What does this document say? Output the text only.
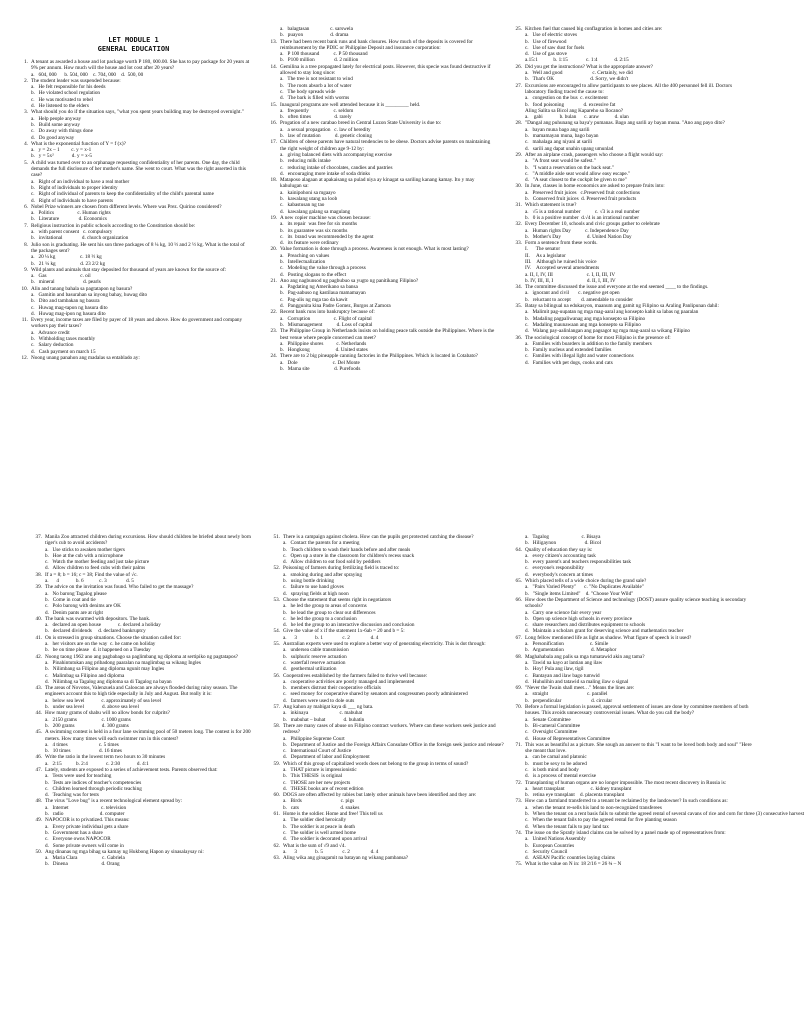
LET MODULE 1
GENERAL EDUCATION
1. A tenant as awarded a house and lot package worth P 180, 000.00. She has to pay package for 20 years at 9% per annum. How much will the house and lot cost after 20 years?
a.   604, 000      b. 504, 000    c. 704, 000    d.  500, 00
2. The student leader was suspended because:
a.   He felt responsible for his deeds
b.   He violated school regulation
c.   He was motivated to rebel
d.   He listened to the elders
3. What should you do if the situation says, "what you spent years building may be destroyed overnight."
a.   Help people anyway
b.   Build some anyway
c.   Do away with things done
d.   Do good anyway
4. What is the exponential function of Y = f (x)?
a.   y = 2x – 1         c. y = x-1
b.   y = 5x²              d. y = x-5
5. A child was turned over to an orphanage requesting confidentiality of her parents. One day, the child demands the full disclosure of her mother's name. She went to court. What was the right asserted in this case?
a.   Right of an individual to have a real mother
b.   Right of individuals to proper identity
c.   Right of individual of parents to keep the confidentiality of the child's parental name
d.   Right of individuals to have parents
6. Nobel Prize winners are chosen from different levels. Where was Prez. Quirino considered?
a.   Politics                  c. Human rights
b.   Literature               d. Economics
7. Religious instruction in public schools according to the Constitution should be:
a.   with parent consent   c. compulsory
b.   invitational               d. church organization
8. Julio son is graduating. He sent his son three packages of 8 ¼ kg, 10 ½ and 2 ½ kg. What is the total of the packages sent?
a.   20 ¼ kg                   c. 18 ½ kg
b.   21 ¼ kg                   d. 23 2/2 kg
9. Wild plants and animals that stay deposited for thousand of years are known for the source of:
a.   Gas                          c. oil
b.   mineral                      d. pearls
10. Alin and tanang bahala sa pagtatapon ng basura?
a.   Gamitin and basurahan sa inyong bahay, huwag dito
b.   Dito and tambakan ng basura
c.   Huwag mag-tapon ng basura dito
d.   Huwag mag-ipon ng basura dito
11. Every year, income taxes are filed by payer of 18 years and above. How do government and company workers pay their taxes?
a.   Advance credit
b.   Withholding taxes monthly
c.   Salary deduction
d.   Cash payment on march 15
12. Noong unang panahon ang madalas sa entablado ay:
a.   balagtasan                c. sarswela
b.   puayon                     d. drama
13. There had been recent bank runs and bank closures. How much of the deposits is covered for reimbursement by the PDIC or Philippine Deposit and insurance corporation:
a.   P 100 thousand           c. P 50 thousand
b.   P100 million               d. 2 million
14. Gemilina is a tree propagated lately for electrical posts. However, this specie was found destructive if allowed to stay long since:
a.   The tree is not resistant to wind
b.   The roots absorb a lot of water
c.   The body spreads wide
d.   The bark is filled with worms
15. Inaugural programs are well attended because it is _________ held.
a.   frequently                   c. seldom
b.   often times                  d. rarely
16. Progation of a new carabao breed in Central Luzon State University is due to:
a.   a sexual propagation   c. law of heredity
b.   law of mutation           d. genetic cloning
17. Children of obese parents have natural tendencies to be obese. Doctors advise parents on maintaining the right weight of children age 9-12 by:
a.   giving balanced diets with accompanying exercise
b.   reducing milk intake
c.   reducing intake of chocolates, candies and pastries
d.   encouraging more intake of soda drinks
18. Mataposo alagaan at apakaisang sa pulad niya ay kinagat sa sariling kanang kamay. Ito y may kahulugan sa:
a.   kainipohoni sa mgaayo
b.   kawalang utang na loob
c.   kabastusan ng tao
d.   kawalang galang sa magulang
19. A new copier machine was chosen because:
a.   its repair  was free for six months
b.   its guarantee was six months
c.   its  brand was recommended by the agent
d.   its feature were ordinary
20. Value formation is done through a process. Awareness is not enough. What is most lasting?
a.   Preaching on values
b.   Intellectualization
c.   Modeling the value through a process
d.   Posting slogans to the effect
21. Ano ang nagbunsod ng pagbubuo sa yugto ng panitikang Filipino?
a.   Pagdating ng Amerikano sa bansa
b.   Pag-aabuso ng kastilaua mamamayan
c.   Pag-alis ng mga tao da kawit
d.   Panggunita kina Padre Gomez, Burgos at Zamora
22. Recent bank runs into bankruptcy because of:
a.   Corruption                  c. Flight of capital
b.   Mismanagement           d. Loss of capital
23. The Philippine Group in Netherlands insists on holding peace talk outside the Philippines. Where is the best venue where people concerned can meet?
a.   Philippine shores          c. Netherlands
b.   Hongkong                    d. United states
24. There are to 2 big pineapple canning factories in the Philippines. Which is located in Cotabato?
a.   Dole                           c. Del Monte
b.   Mama site                   d. Purefoods
25. Kitchen fuel that caused big conflagration in homes and cities are:
a.   Use of electric stoves
b.   Use of firewood
c.   Use of saw dust for fuels
d.   Use of gas stove
a.15:1            b. 1:15              c. 1:4             d. 2:15
26. Did you get the instructions? What is the appropriate answer?
a.   Well and good                       c. Certainly, we did
b.   That's OK                            d. Sorry, we didn't
27. Excursions are encouraged to allow participants to see places. All the 400 personnel fell ill. Doctors laboratory finding traced the cause to:
a.   congestion on the bus  c. excitement
b.   food poisoning               d. excessive fat
Aling Salita sa Bicol ang Kapareho sa Ilocano?
a.    gabi             b. bulan      c. araw            d. ulan
28. "Dangal ang puhunang sa baya'y pumanas. Bago ang sarili ay bayan muna. "Ano ang payo dito?
a.   bayan muna bago ang sarili
b.   mamamayan muna, bago bayan
c.   mahalaga ang niyani at sarili
d.   sarili ang dapat unahin upang umunlad
29. After an airplane crash, passengers who choose a flight would say:
a.   "A front seat would be safest."
b.   "I want a reservation on the back seat."
c.   "A middle aisle seat would allow easy escape."
d.   "A seat closest to the cockpit be given to me"
30. In June, classes in home economics are asked to prepare fruits into:
a.   Preserved fruit juices   c.Preserved fruit confections
b.   Conserved fruit juices  d. Preserved fruit products
31. Which statement is true?
a.   √5 is a rational number           c. √3 is a real number
b.   0 is a positive number  d.√4 is an irrational number
32. Every December 10, schools and civic groups gather to celebrate
a.   Human rights Day           c. Independence Day
b.   Mother's Day                    d. United Nation Day
33. Form a sentence from these words.
I.      The senator
II.     As a legislator
III.    Although he ruined his voice
IV.    Accepted several amendments
a. II, I, IV, III                          c. I, II, III, IV
b. IV, III, II, I                          d. II, I, III, IV
34. The committee discussed the issue and everyone at the end seemed ____ to the findings.
a.   ignorant and civil       c. negative get open
b.   reluctant to accept        d. amendable to consider
35. Batay sa bilingual na edukasyon, maanum ang gamit ng Filipino sa Araling Panlipunan dahil:
a.   Malimit pag-uupatan ng mga mag-aaral ang konsepto kahit sa labas ng paaralan
b.   Madaling pagpaliwanag ang mga konsepto sa Filipino
c.   Madaling maunawaan ang mga konsepto sa Filipino
d.   Walang pay-aalinlangan ang pagsagot ng mga mag-aaral sa wikang Filipino
36. The sociological concept of home for most Filipino is the presence of:
a.   Families with boarders in addition to the family members
b.   Family nucleus and extended families
c.   Families with illegal light and water connections
d.   Families with pet dogs, cooks and cats
37. Manila Zoo attracted children during excursions. How should children be briefed about newly born tiger's cub to avoid accidents?
a.   Use sticks to awaken mother tigers
b.   Hoe at the cub with a microphone
c.   Watch the mother feeding and just take picture
d.   Allow children to feed cubs with their palms
38. If a = 8; b = 16; c = 38; Find the value of √c.
a.      4             b. 6            c. 3               d. 5
39. The advice on the invitation was found. Who failed to get the massage?
a.   No barong Tagalog please
b.   Come in coat and tie
c.   Polo barong with denims are OK
d.   Denim pants are at right
40. The bank was swarmed with depositors. The bank.
a.   declared an open house             c. declared a holiday
b.   declared dividends     d. declared bankruptcy
41. On is stressed in group situations. Choose the situation called for:
a.   her visitors are on the way  c. he came on holiday
b.   be on time please   d. it happened on a Tuesday
42. Noong taong 1962 ano ang pagbabago sa paglimbang ng diploma at sertipiko ng pagtatapos?
a.   Pinahintutukan ang pribadong paaralan na maglimbag sa wikang Ingles
b.   Nilimbang sa Filipino ang diploma ngunit may Ingles
c.   Malimbag sa Filipino and diploma
d.   Nilimbag sa Tagalog ang diploma sa di Tagalog na bayan
43. The areas of Novotos, Valenzuela and Caloocan are always flooded during rainy season. The engineers account this to high tide especially in July and August. But really it is:
a.   below sea level             c. approximately of sea level
b.   under sea level              d. above sea level
44. How many grams of shabu will no allow bonds for culprits?
a.   2150 grams                   c. 1000 grams
b.   200 grams                     d. 300 grams
45. A swimming contest is held in a four lane swimming pool of 50 meters long. The contest is for 200 meters. How many times will each swimmer run in this contest?
a.   4 times                        c. 5 times
b.   10 times                      d. 16 times
46. Write the ratio in the lowest term two hours to 30 minutes
a.   2:15           b. 2:4              c. 2:30             d. 4:1
47. Lately, students are exposed to a series of achievement tests. Parents observed that:
a.   Tests were used for teaching
b.   Tests are indices of teacher's competencies
c.   Children learned through periodic teaching
d.   Teaching was for tests
48. The virus "Love bug" is a recent technological element spread by:
a.   Internet                         c. television
b.   radio                            d. computer
49. NAPOCOR is to privatized. This means:
a.   Every private individual gets a share
b.   Government has a share
c.   Everyone owns NAPOCOR
d.   Some private owners will come in
50. Ang dinanas ng mga bihag sa kamay ng Hukbong Hapon ay sinasalaysay ni:
a.   Maria Clara                   c. Gabriela
b.   Dinena                          d. Orang
51. There is a campaign against cholera. How can the pupils get protected catching the disease?
a.   Contact the parents for a meeting
b.   Teach children to wash their hands before and after meals
c.   Open up a store in the classroom for children's recess snack
d.   Allow children to eat food sold by peddlers
52. Poisoning of farmers during fertilizing field is traced to:
a.   smoking during and after spraying
b.   using bottle drinking
c.   failure to use hand gloves
d.   spraying fields at high noon
53. Choose the statement that seems right in negotiators
a.   he led the group to areas of concerns
b.   he lead the group to clear out differences
c.   he led the group to a conclusion
d.   he led the group to an interactive discussion and conclusion
54. Give the value of x if the statement 1x-6ab = 20 and b = 5:
a.      3              b. 1               c. 2                d. 4
55. Australian experts were used to explore a better way of generating electricity. This is dot through:
a.   undersea cable transmission
b.   sulphuric reserve actuation
c.   waterfall reserve actuation
d.   geothermal utilization
56. Cooperatives established by the farmers failed to thrive well because:
a.   cooperative activities are poorly managed and implemented
b.   members distrust their cooperative officials
c.   seed money for cooperative shared by senators and congressmen poorly administered
d.   farmers were used to dole outs
57. Ang kahon ay mabigat kaya di ___ ng bata.
a.   inkinaya                        c. mabuhat
b.   mabuhat – buhat              d. buhatin
58. There are many cases of abuse on Filipino contract workers. Where can these workers seek justice and redress?
a.   Philippine Supreme Court
b.   Department of Justice and the Foreign Affairs Consulate Office in the foreign seek justice and release?
c.   International Court of Justice
d.   Department of labor and Employment
59. Which of this group of capitalized words does not belong to the group in terms of sound?
a.   THAT picture is impressionistic
b.   This THESIS  is original
c.   THOSE are her new projects
d.   THESE books are of recent edition
60. DOGS are often affected by rabies but lately other animals have been identified and they are:
a.   Birds                              c. pigs
b.   cats                                d. snakes
61. Home is the soldier. Home and free! This tell us
a.   The soldier died heroically
b.   The soldier is at peace in death
c.   The soldier is well armed home
d.   The soldier is decorated upon arrival
62. What is the sum of √9 and √4.
a.      3              b. 5               c. 2                d. 4
63. Aling wika ang ginagamit na batayan ng wikang pambansa?
a.   Tagalog                         c. Bisaya
b.   Hiligaynon                      d. Bicol
64. Quality of education they say is:
a.   every citizen's accounting task
b.   every parent's and teachers responsibilities task
c.   everyone's responsibility
d.   everybody's concern at times
65. Which placed tells of a wide choice during the grand sale?
a.   "Pairs Varied Plenty"      c. "No Duplicates Available"
b.   "Single items Limited"    d. "Choose Your Wild"
66. How does the Department of Science and technology (DOST) assure quality science teaching is secondary schools?
a.   Carry one science fair every year
b.   Open up science high schools in every province
c.   share researchers and distributes equipment to schools
d.   Maintain a scholars grant for deserving science and mathematics teacher
67. Long fellow mentioned life as light as shadow. What figure of speech is it used?
a.   Personification                    c. Simile
b.   Argumentation                     d. Metaphor
68. Maghahabala ang palis sa mga tumatawid akin ang tama?
a.   Tawid na kayo at lantian ang ilaw
b.   Hoy! Pula ang ilaw, tigil
c.   Bantayan and ilaw bago tumwid
d.   Huhulihin and tatawid sa maling ilaw o signal
69. "Never the Twain shall meet…" Means the lines are:
a.   straight                              c. parallel
b.   perpendicular                       d. circular
70. Before a formal legislation is passed, approval settlement of issues are done by committee members of both houses. This avoids unnecessary controversial issues. What do you call the body?
a.   Senate Committee
b.   Bi-cameral Committee
c.   Oversight Committee
d.   House of Representatives Committee
71. This was as beautiful as a picture. She sough an answer to this "I want to be loved both body and soul" "Here she meant that love.
a.   can be carnal and platonic
b.   must be sexy to be adored
c.   is both mind and body
d.   is a process of mental exercise
72. Transplanting of human organs are no longer impossible. The most recent discovery in Russia is:
a.   heart transplant                    c. kidney transplant
b.   retina eye transplant    d. placenta transplant
73. How can a farmland transferred to a tenant be reclaimed by the landowner? In such conditions as:
a.   when the tenant re-sells his land to non-recognized transferees
b.   When the tenant on a rent basis fails to submit the agreed rental of several cavans of rice and corn for three (3) consecutive harvest
c.   When the tenant fails to pay the agreed rental for five planting season
d.   When the tenant fails to pay land tax
74. The issue on the Spratly island claims can be solved by a panel made up of representatives from:
a.   United Nations Assembly
b.   European Countries
c.   Security Council
d.   ASEAN Pacific countries laying claims
75. What is the value on N in: 18 2/16 = 26 ¾ – N
